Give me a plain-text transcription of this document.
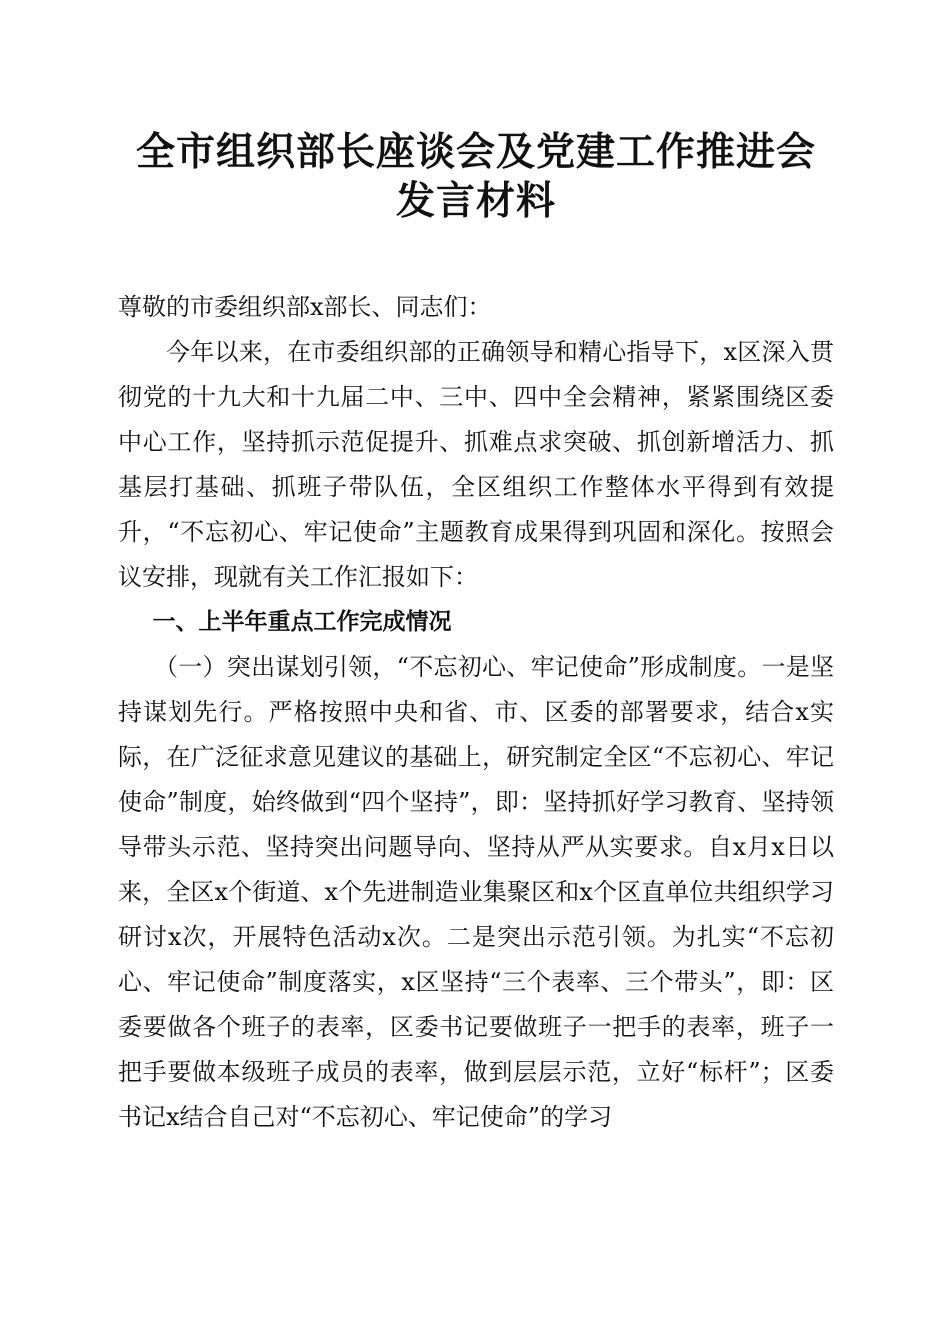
全市组织部长座谈会及党建工作推进会发言材料

尊敬的市委组织部x部长、同志们：

今年以来，在市委组织部的正确领导和精心指导下，x区深入贯彻党的十九大和十九届二中、三中、四中全会精神，紧紧围绕区委中心工作，坚持抓示范促提升、抓难点求突破、抓创新增活力、抓基层打基础、抓班子带队伍，全区组织工作整体水平得到有效提升，“不忘初心、牢记使命”主题教育成果得到巩固和深化。按照会议安排，现就有关工作汇报如下：

一、上半年重点工作完成情况

（一）突出谋划引领，“不忘初心、牢记使命”形成制度。一是坚持谋划先行。严格按照中央和省、市、区委的部署要求，结合x实际，在广泛征求意见建议的基础上，研究制定全区“不忘初心、牢记使命”制度，始终做到“四个坚持”，即：坚持抓好学习教育、坚持领导带头示范、坚持突出问题导向、坚持从严从实要求。自x月x日以来，全区x个街道、x个先进制造业集聚区和x个区直单位共组织学习研讨x次，开展特色活动x次。二是突出示范引领。为扎实“不忘初心、牢记使命”制度落实，x区坚持“三个表率、三个带头”，即：区委要做各个班子的表率，区委书记要做班子一把手的表率，班子一把手要做本级班子成员的表率，做到层层示范，立好“标杆”；区委书记x结合自己对“不忘初心、牢记使命”的学习
